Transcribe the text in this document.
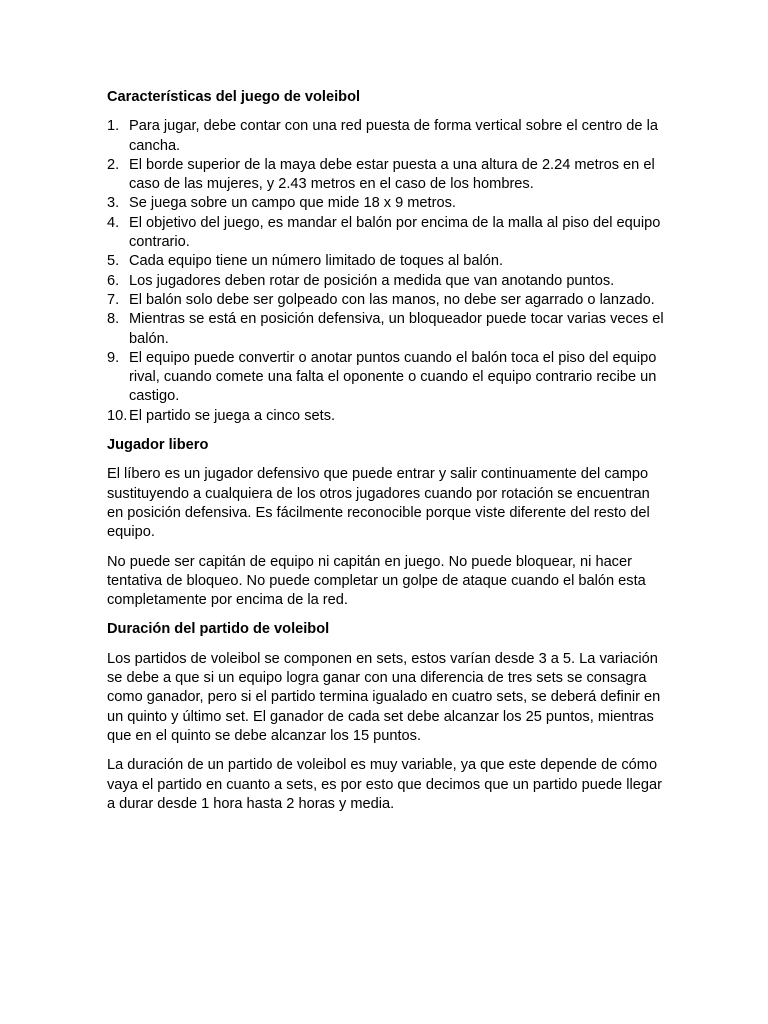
Características del juego de voleibol
1. Para jugar, debe contar con una red puesta de forma vertical sobre el centro de la cancha.
2. El borde superior de la maya debe estar puesta a una altura de 2.24 metros en el caso de las mujeres, y 2.43 metros en el caso de los hombres.
3. Se juega sobre un campo que mide 18 x 9 metros.
4. El objetivo del juego, es mandar el balón por encima de la malla al piso del equipo contrario.
5. Cada equipo tiene un número limitado de toques al balón.
6. Los jugadores deben rotar de posición a medida que van anotando puntos.
7. El balón solo debe ser golpeado con las manos, no debe ser agarrado o lanzado.
8. Mientras se está en posición defensiva, un bloqueador puede tocar varias veces el balón.
9. El equipo puede convertir o anotar puntos cuando el balón toca el piso del equipo rival, cuando comete una falta el oponente o cuando el equipo contrario recibe un castigo.
10. El partido se juega a cinco sets.
Jugador libero

El líbero es un jugador defensivo que puede entrar y salir continuamente del campo sustituyendo a cualquiera de los otros jugadores cuando por rotación se encuentran en posición defensiva. Es fácilmente reconocible porque viste diferente del resto del equipo.

No puede ser capitán de equipo ni capitán en juego. No puede bloquear, ni hacer tentativa de bloqueo. No puede completar un golpe de ataque cuando el balón esta completamente por encima de la red.

Duración del partido de voleibol

Los partidos de voleibol se componen en sets, estos varían desde 3 a 5. La variación se debe a que si un equipo logra ganar con una diferencia de tres sets se consagra como ganador, pero si el partido termina igualado en cuatro sets, se deberá definir en un quinto y último set. El ganador de cada set debe alcanzar los 25 puntos, mientras que en el quinto se debe alcanzar los 15 puntos.

La duración de un partido de voleibol es muy variable, ya que este depende de cómo vaya el partido en cuanto a sets, es por esto que decimos que un partido puede llegar a durar desde 1 hora hasta 2 horas y media.
